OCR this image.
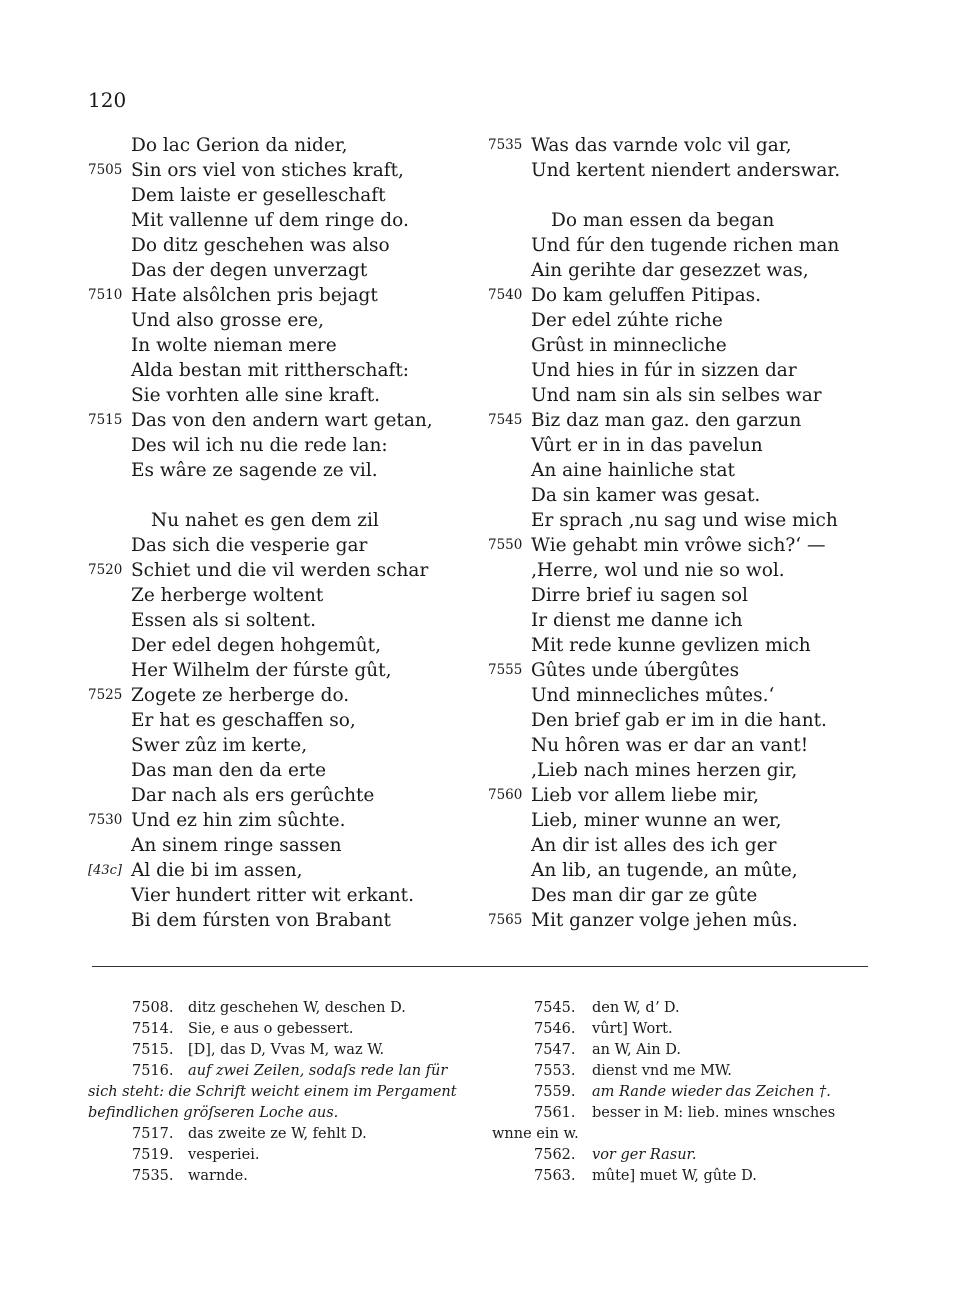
120
Do lac Gerion da nider,
7505 Sin ors viel von stiches kraft,
Dem laiste er geselleschaft
Mit vallenne uf dem ringe do.
Do ditz geschehen was also
Das der degen unverzagt
7510 Hate alsôlchen pris bejagt
Und also grosse ere,
In wolte nieman mere
Alda bestan mit rittherschaft:
Sie vorhten alle sine kraft.
7515 Das von den andern wart getan,
Des wil ich nu die rede lan:
Es wâre ze sagende ze vil.
Nu nahet es gen dem zil
Das sich die vesperie gar
7520 Schiet und die vil werden schar
Ze herberge woltent
Essen als si soltent.
Der edel degen hohgemût,
Her Wilhelm der fúrste gût,
7525 Zogete ze herberge do.
Er hat es geschaffen so,
Swer zûz im kerte,
Das man den da erte
Dar nach als ers gerûchte
7530 Und ez hin zim sûchte.
An sinem ringe sassen
[43c] Al die bi im assen,
Vier hundert ritter wit erkant.
Bi dem fúrsten von Brabant
7535 Was das varnde volc vil gar,
Und kertent niendert anderswar.
Do man essen da began
Und fúr den tugende richen man
Ain gerihte dar gesezzet was,
7540 Do kam geluffen Pitipas.
Der edel zúhte riche
Grûst in minnecliche
Und hies in fúr in sizzen dar
Und nam sin als sin selbes war
7545 Biz daz man gaz. den garzun
Vûrt er in in das pavelun
An aine hainliche stat
Da sin kamer was gesat.
Er sprach ‚nu sag und wise mich
7550 Wie gehabt min vrôwe sich?‘ —
‚Herre, wol und nie so wol.
Dirre brief iu sagen sol
Ir dienst me danne ich
Mit rede kunne gevlizen mich
7555 Gûtes unde úbergûtes
Und minnecliches mûtes.‘
Den brief gab er im in die hant.
Nu hôren was er dar an vant!
‚Lieb nach mines herzen gir,
7560 Lieb vor allem liebe mir,
Lieb, miner wunne an wer,
An dir ist alles des ich ger
An lib, an tugende, an mûte,
Des man dir gar ze gûte
7565 Mit ganzer volge jehen mûs.
7508. ditz geschehen W, deschen D.
7514. Sie, e aus o gebessert.
7515. [D], das D, Vvas M, waz W.
7516. auf zwei Zeilen, sodaſs rede lan für
sich steht: die Schrift weicht einem im Pergament
befindlichen gröſseren Loche aus.
7517. das zweite ze W, fehlt D.
7519. vesperiei.
7535. warnde.
7545. den W, dʼ D.
7546. vûrt] Wort.
7547. an W, Ain D.
7553. dienst vnd me MW.
7559. am Rande wieder das Zeichen †.
7561. besser in M: lieb. mines wnsches
wnne ein w.
7562. vor ger Rasur.
7563. mûte] muet W, gûte D.
